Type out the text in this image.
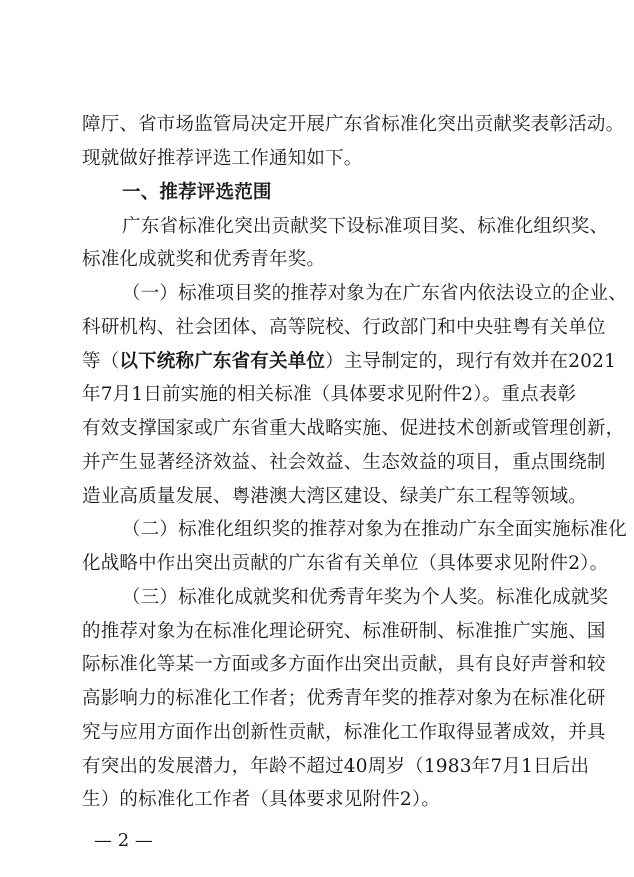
障厅、省市场监管局决定开展广东省标准化突出贡献奖表彰活动。
现就做好推荐评选工作通知如下。
一、推荐评选范围
广东省标准化突出贡献奖下设标准项目奖、标准化组织奖、
标准化成就奖和优秀青年奖。
（一）标准项目奖的推荐对象为在广东省内依法设立的企业、
科研机构、社会团体、高等院校、行政部门和中央驻粤有关单位
等（以下统称广东省有关单位）主导制定的，现行有效并在2021
年7月1日前实施的相关标准（具体要求见附件2）。重点表彰
有效支撑国家或广东省重大战略实施、促进技术创新或管理创新，
并产生显著经济效益、社会效益、生态效益的项目，重点围绕制
造业高质量发展、粤港澳大湾区建设、绿美广东工程等领域。
（二）标准化组织奖的推荐对象为在推动广东全面实施标准化
化战略中作出突出贡献的广东省有关单位（具体要求见附件2）。
（三）标准化成就奖和优秀青年奖为个人奖。标准化成就奖
的推荐对象为在标准化理论研究、标准研制、标准推广实施、国
际标准化等某一方面或多方面作出突出贡献，具有良好声誉和较
高影响力的标准化工作者；优秀青年奖的推荐对象为在标准化研
究与应用方面作出创新性贡献，标准化工作取得显著成效，并具
有突出的发展潜力，年龄不超过40周岁（1983年7月1日后出
生）的标准化工作者（具体要求见附件2）。
— 2 —
